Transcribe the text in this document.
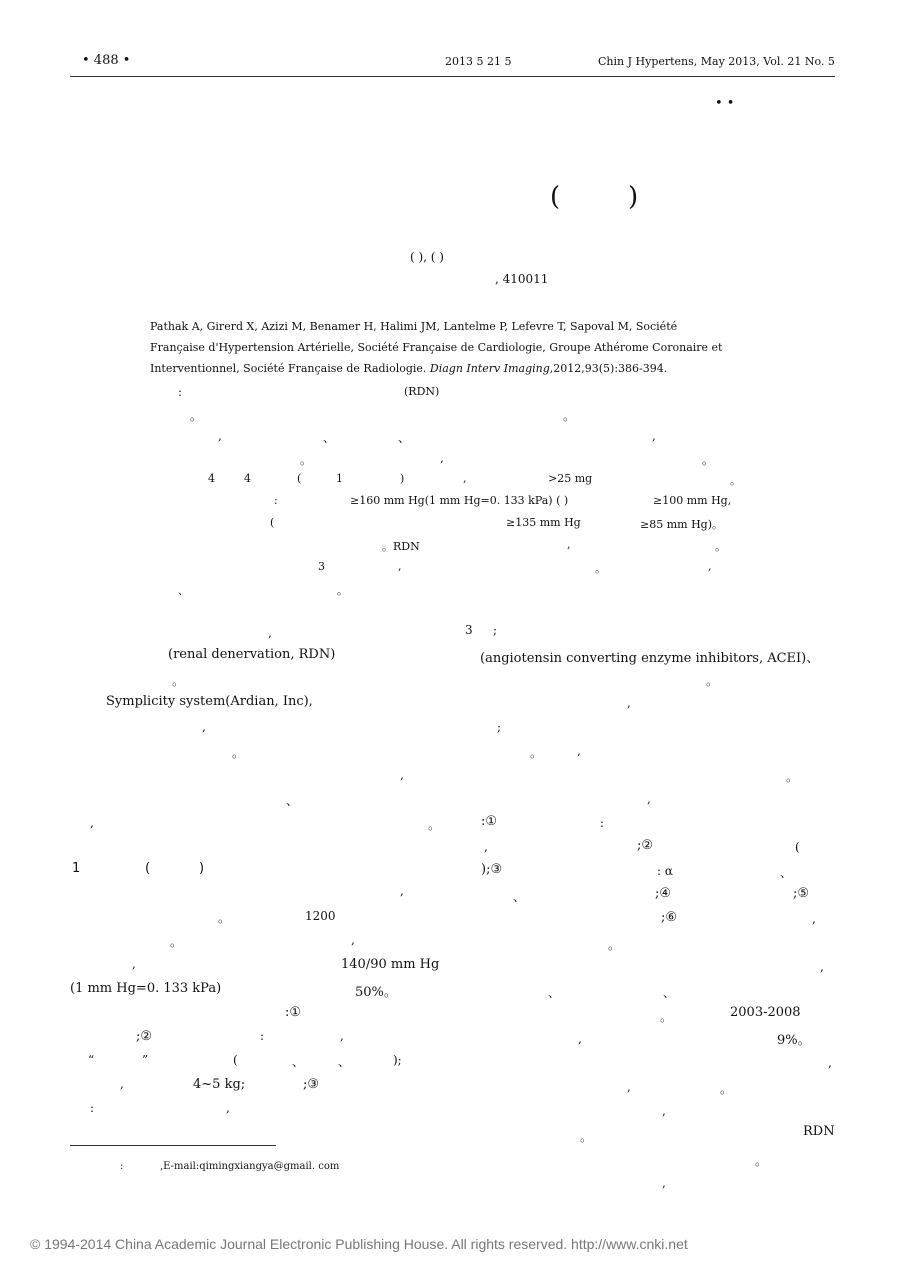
• 488 •	2013 5 21 5	Chin J Hypertens, May 2013, Vol. 21 No. 5
• •
(	)
( ), ( )
, 410011
Pathak A, Girerd X, Azizi M, Benamer H, Halimi JM, Lantelme P, Lefevre T, Sapoval M, Société
Française d'Hypertension Artérielle, Société Française de Cardiologie, Groupe Athérome Coronaire et
Interventionnel, Société Française de Radiologie. Diagn Interv Imaging,2012,93(5):386-394.
:	(RDN)
。	。
,	、	、	,
。	,	。
4	4	(	1	)	,	>25 mg	。
:	≥160 mm Hg(1 mm Hg=0. 133 kPa) ( )	≥100 mm Hg,
(	≥135 mm Hg	≥85 mm Hg)。
。RDN	,	。
3	,	。	,
、	。
,
(renal denervation, RDN)
。
Symplicity system(Ardian, Inc),
,
。
,
、
,	。
1	(	)
,
。	1200
。	,
,	140/90 mm Hg
(1 mm Hg=0. 133 kPa)	50%。
:①
;②	:	,
“	”	(	、	、	);
,	4~5 kg;	;③
:	,
3 ;
(angiotensin converting enzyme inhibitors, ACEI)、
。
,
;
。	,
。
,
:①	:
,	;②	(
);③	: α	、
、	;④	;⑤
;⑥	,
。
,
、	、
。	2003-2008
,	9%。
,
,	。
,
。	RDN
。
,
:	,E-mail:qimingxiangya@gmail. com
© 1994-2014 China Academic Journal Electronic Publishing House. All rights reserved. http://www.cnki.net
